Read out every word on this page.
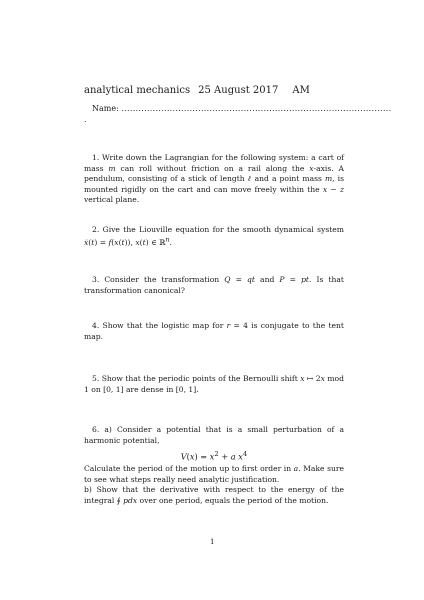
analytical mechanics 25 August 2017 AM
Name: ...............................................................................................
.

1. Write down the Lagrangian for the following system: a cart of mass m can roll without friction on a rail along the x-axis. A pendulum, consisting of a stick of length ℓ and a point mass m, is mounted rigidly on the cart and can move freely within the x − z vertical plane.

2. Give the Liouville equation for the smooth dynamical system ẋ(t) = f(x(t)), x(t) ∈ ℝ$^n$.

3. Consider the transformation Q = qt and P = pt. Is that transformation canonical?

4. Show that the logistic map for r = 4 is conjugate to the tent map.

5. Show that the periodic points of the Bernoulli shift x ↦ 2x mod 1 on [0, 1] are dense in [0, 1].

6. a) Consider a potential that is a small perturbation of a harmonic potential,

$V(x) = x^2 + a$ $x^4$

Calculate the period of the motion up to first order in a. Make sure to see what steps really need analytic justification.

b) Show that the derivative with respect to the energy of the integral ∮ pdx over one period, equals the period of the motion.

1
